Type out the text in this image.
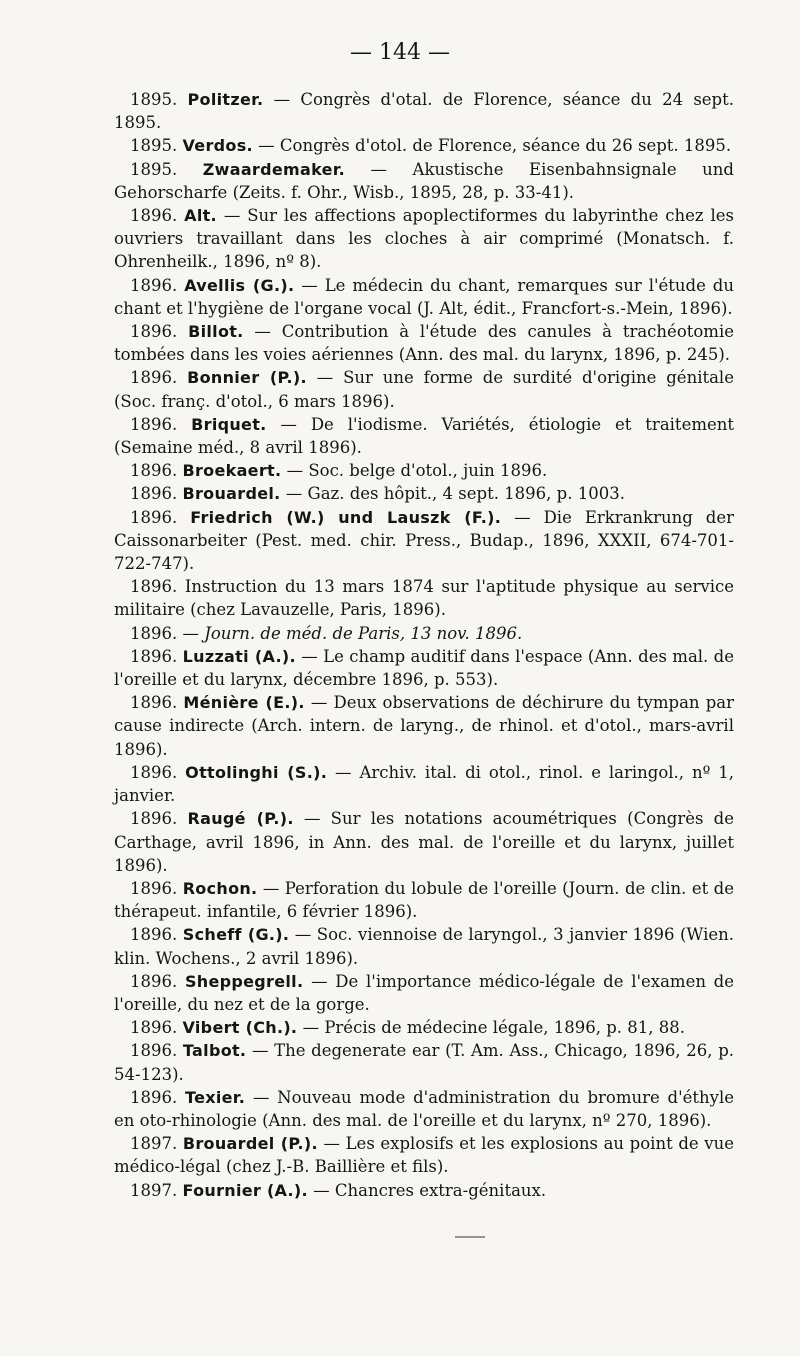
— 144 —

1895. Politzer. — Congrès d'otal. de Florence, séance du 24 sept. 1895.

1895. Verdos. — Congrès d'otol. de Florence, séance du 26 sept. 1895.

1895. Zwaardemaker. — Akustische Eisenbahnsignale und Gehorscharfe (Zeits. f. Ohr., Wisb., 1895, 28, p. 33-41).

1896. Alt. — Sur les affections apoplectiformes du labyrinthe chez les ouvriers travaillant dans les cloches à air comprimé (Monatsch. f. Ohrenheilk., 1896, nº 8).

1896. Avellis (G.). — Le médecin du chant, remarques sur l'étude du chant et l'hygiène de l'organe vocal (J. Alt, édit., Francfort-s.-Mein, 1896).

1896. Billot. — Contribution à l'étude des canules à trachéotomie tombées dans les voies aériennes (Ann. des mal. du larynx, 1896, p. 245).

1896. Bonnier (P.). — Sur une forme de surdité d'origine génitale (Soc. franç. d'otol., 6 mars 1896).

1896. Briquet. — De l'iodisme. Variétés, étiologie et traitement (Semaine méd., 8 avril 1896).

1896. Broekaert. — Soc. belge d'otol., juin 1896.

1896. Brouardel. — Gaz. des hôpit., 4 sept. 1896, p. 1003.

1896. Friedrich (W.) und Lauszk (F.). — Die Erkrankrung der Caissonarbeiter (Pest. med. chir. Press., Budap., 1896, XXXII, 674-701-722-747).

1896. Instruction du 13 mars 1874 sur l'aptitude physique au service militaire (chez Lavauzelle, Paris, 1896).

1896. — Journ. de méd. de Paris, 13 nov. 1896.

1896. Luzzati (A.). — Le champ auditif dans l'espace (Ann. des mal. de l'oreille et du larynx, décembre 1896, p. 553).

1896. Ménière (E.). — Deux observations de déchirure du tympan par cause indirecte (Arch. intern. de laryng., de rhinol. et d'otol., mars-avril 1896).

1896. Ottolinghi (S.). — Archiv. ital. di otol., rinol. e laringol., nº 1, janvier.

1896. Raugé (P.). — Sur les notations acoumétriques (Congrès de Carthage, avril 1896, in Ann. des mal. de l'oreille et du larynx, juillet 1896).

1896. Rochon. — Perforation du lobule de l'oreille (Journ. de clin. et de thérapeut. infantile, 6 février 1896).

1896. Scheff (G.). — Soc. viennoise de laryngol., 3 janvier 1896 (Wien. klin. Wochens., 2 avril 1896).

1896. Sheppegrell. — De l'importance médico-légale de l'examen de l'oreille, du nez et de la gorge.

1896. Vibert (Ch.). — Précis de médecine légale, 1896, p. 81, 88.

1896. Talbot. — The degenerate ear (T. Am. Ass., Chicago, 1896, 26, p. 54-123).

1896. Texier. — Nouveau mode d'administration du bromure d'éthyle en oto-rhinologie (Ann. des mal. de l'oreille et du larynx, nº 270, 1896).

1897. Brouardel (P.). — Les explosifs et les explosions au point de vue médico-légal (chez J.-B. Baillière et fils).

1897. Fournier (A.). — Chancres extra-génitaux.
